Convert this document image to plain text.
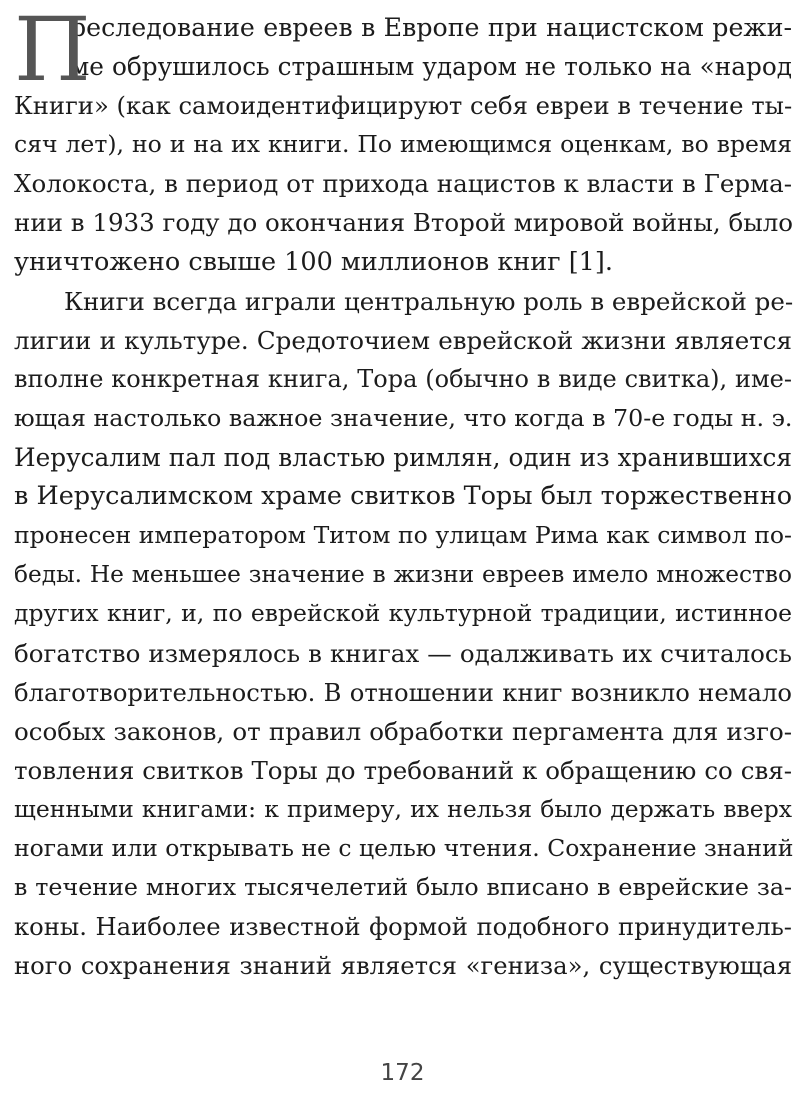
П
реследование евреев в Европе при нацистском режи-
ме обрушилось страшным ударом не только на «народ
Книги» (как самоидентифицируют себя евреи в течение ты-
сяч лет), но и на их книги. По имеющимся оценкам, во время
Холокоста, в период от прихода нацистов к власти в Герма-
нии в 1933 году до окончания Второй мировой войны, было
уничтожено свыше 100 миллионов книг [1].
Книги всегда играли центральную роль в еврейской ре-
лигии и культуре. Средоточием еврейской жизни является
вполне конкретная книга, Тора (обычно в виде свитка), име-
ющая настолько важное значение, что когда в 70-е годы н. э.
Иерусалим пал под властью римлян, один из хранившихся
в Иерусалимском храме свитков Торы был торжественно
пронесен императором Титом по улицам Рима как символ по-
беды. Не меньшее значение в жизни евреев имело множество
других книг, и, по еврейской культурной традиции, истинное
богатство измерялось в книгах — одалживать их считалось
благотворительностью. В отношении книг возникло немало
особых законов, от правил обработки пергамента для изго-
товления свитков Торы до требований к обращению со свя-
щенными книгами: к примеру, их нельзя было держать вверх
ногами или открывать не с целью чтения. Сохранение знаний
в течение многих тысячелетий было вписано в еврейские за-
коны. Наиболее известной формой подобного принудитель-
ного сохранения знаний является «гениза», существующая
172
